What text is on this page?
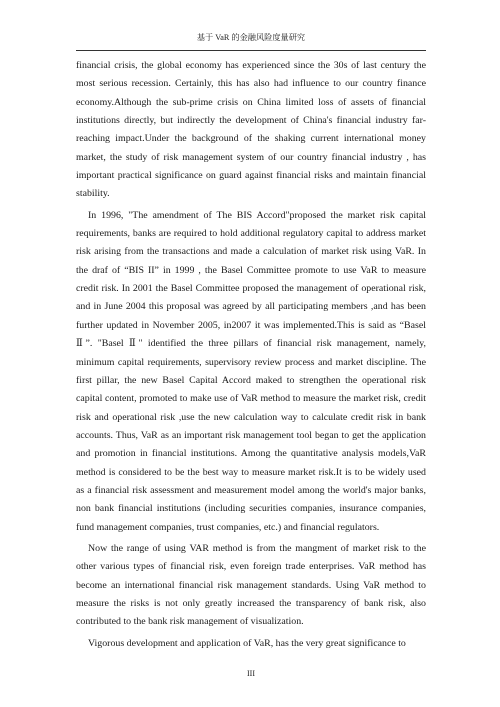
基于 VaR 的金融风险度量研究

financial crisis, the global economy has experienced since the 30s of last century the most serious recession. Certainly, this has also had influence to our country finance economy.Although the sub-prime crisis on China limited loss of assets of financial institutions directly, but indirectly the development of China's financial industry far-reaching impact.Under the background of the shaking current international money market, the study of risk management system of our country financial industry , has important practical significance on guard against financial risks and maintain financial stability.

In 1996, "The amendment of The BIS Accord"proposed the market risk capital requirements, banks are required to hold additional regulatory capital to address market risk arising from the transactions and made a calculation of market risk using VaR. In the draf of “BIS II” in 1999 , the Basel Committee promote to use VaR to measure credit risk. In 2001 the Basel Committee proposed the management of operational risk, and in June 2004 this proposal was agreed by all participating members ,and has been further updated in November 2005, in2007 it was implemented.This is said as “Basel Ⅱ”. "Basel Ⅱ" identified the three pillars of financial risk management, namely, minimum capital requirements, supervisory review process and market discipline. The first pillar, the new Basel Capital Accord maked to strengthen the operational risk capital content, promoted to make use of VaR method to measure the market risk, credit risk and operational risk ,use the new calculation way to calculate credit risk in bank accounts. Thus, VaR as an important risk management tool began to get the application and promotion in financial institutions. Among the quantitative analysis models,VaR method is considered to be the best way to measure market risk.It is to be widely used as a financial risk assessment and measurement model among the world's major banks, non bank financial institutions (including securities companies, insurance companies, fund management companies, trust companies, etc.) and financial regulators.

Now the range of using VAR method is from the mangment of market risk to the other various types of financial risk, even foreign trade enterprises. VaR method has become an international financial risk management standards. Using VaR method to measure the risks is not only greatly increased the transparency of bank risk, also contributed to the bank risk management of visualization.

Vigorous development and application of VaR, has the very great significance to

III
